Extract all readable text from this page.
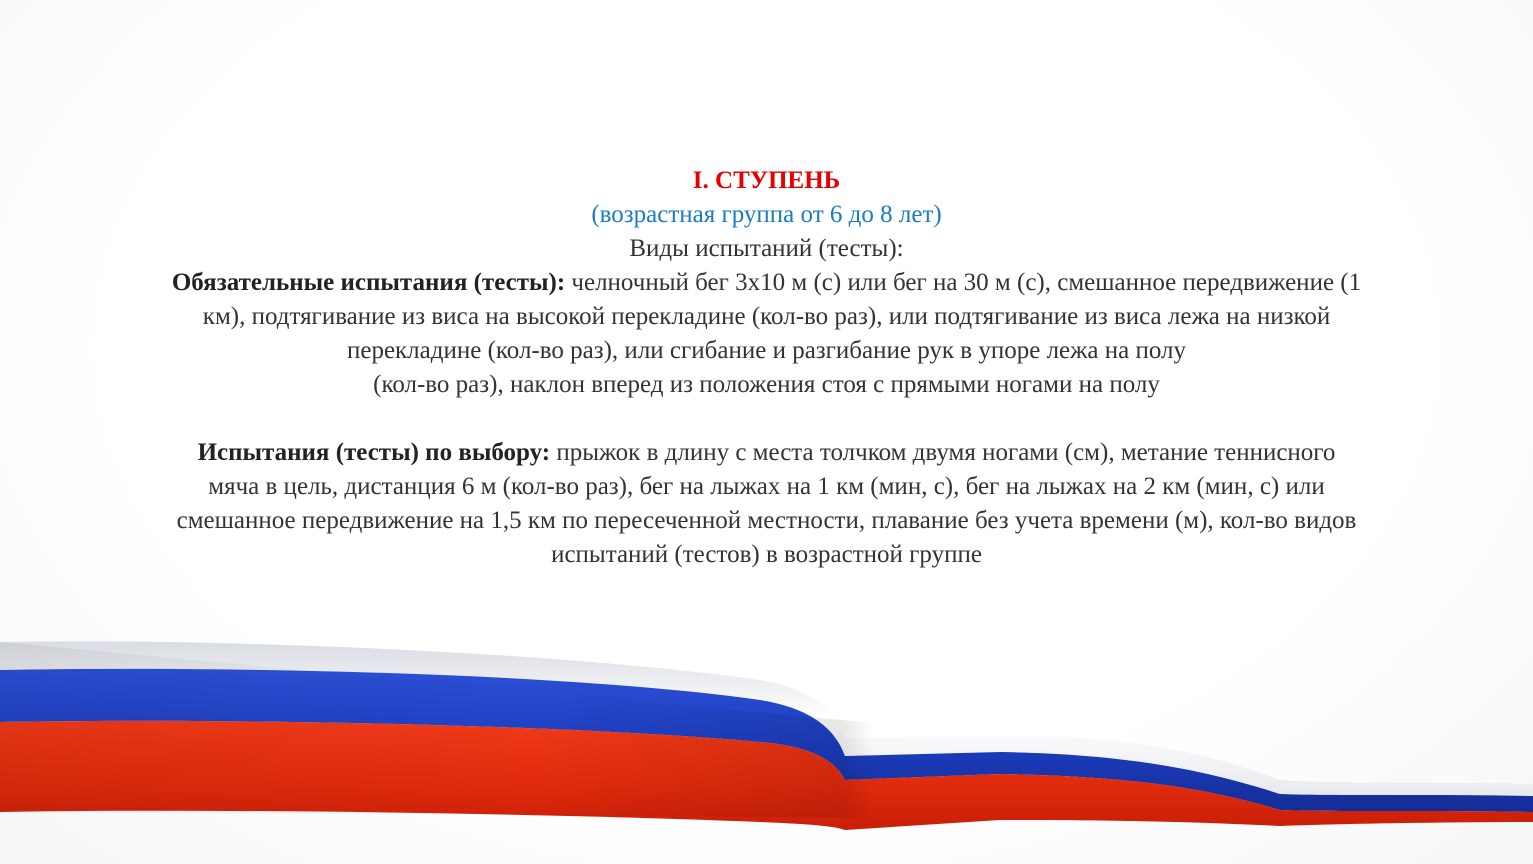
I. СТУПЕНЬ
(возрастная группа от 6 до 8 лет)
Виды испытаний (тесты):

Обязательные испытания (тесты): челночный бег 3х10 м (с) или бег на 30 м (с), смешанное передвижение (1

км), подтягивание из виса на высокой перекладине (кол-во раз), или подтягивание из виса лежа на низкой

перекладине (кол-во раз), или сгибание и разгибание рук в упоре лежа на полу

(кол-во раз), наклон вперед из положения стоя с прямыми ногами на полу

Испытания (тесты) по выбору: прыжок в длину с места толчком двумя ногами (см), метание теннисного

мяча в цель, дистанция 6 м (кол-во раз), бег на лыжах на 1 км (мин, с), бег на лыжах на 2 км (мин, с) или

смешанное передвижение на 1,5 км по пересеченной местности, плавание без учета времени (м), кол-во видов

испытаний (тестов) в возрастной группе
